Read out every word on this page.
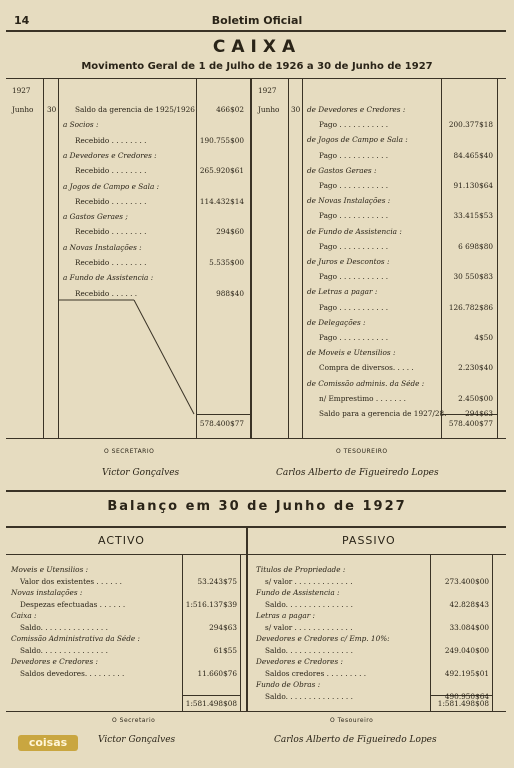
14	Boletim Oficial
CAIXA
Movimento Geral de 1 de Julho de 1926 a 30 de Junho de 1927
1927
Junho 30
1927
Junho 30
Saldo da gerencia de 1925/1926	466$02
a Socios :
Recebido . . . . . . . .	190.755$00
a Devedores e Credores :
Recebido . . . . . . . .	265.920$61
a Jogos de Campo e Sala :
Recebido . . . . . . . .	114.432$14
a Gastos Geraes ;
Recebido . . . . . . . .	294$60
a Novas Instalações :
Recebido . . . . . . . .	5.535$00
a Fundo de Assistencia :
Recebido . . . . . .	988$40
de Devedores e Credores :
Pago . . . . . . . . . . .	200.377$18
de Jogos de Campo e Sala :
Pago . . . . . . . . . . .	84.465$40
de Gastos Geraes :
Pago . . . . . . . . . . .	91.130$64
de Novas Instalações :
Pago . . . . . . . . . . .	33.415$53
de Fundo de Assistencia :
Pago . . . . . . . . . . .	6 698$80
de Juros e Descontos :
Pago . . . . . . . . . . .	30 550$83
de Letras a pagar :
Pago . . . . . . . . . . .	126.782$86
de Delegações :
Pago . . . . . . . . . . .	4$50
de Moveis e Utensilios :
Compra de diversos. . . . .	2.230$40
de Comissão adminis. da Séde :
n/ Emprestimo . . . . . . .	2.450$00
Saldo para a gerencia de 1927/28.	294$63
578.400$77	578.400$77
O SECRETARIO
Victor Gonçalves
O TESOUREIRO
Carlos Alberto de Figueiredo Lopes
Balanço em 30 de Junho de 1927
ACTIVO	PASSIVO
Moveis e Utensilios :
Valor dos existentes . . . . . .	53.243$75
Novas instalações :
Despezas efectuadas . . . . . .	1:516.137$39
Caixa :
Saldo. . . . . . . . . . . . . . .	294$63
Comissão Administrativa da Séde :
Saldo. . . . . . . . . . . . . . .	61$55
Devedores e Credores :
Saldos devedores. . . . . . . . .	11.660$76
Titulos de Propriedade :
s/ valor . . . . . . . . . . . . .	273.400$00
Fundo de Assistencia :
Saldo. . . . . . . . . . . . . . .	42.828$43
Letras a pagar :
s/ valor . . . . . . . . . . . . .	33.084$00
Devedores e Credores c/ Emp. 10%:
Saldo. . . . . . . . . . . . . . .	249.040$00
Devedores e Credores :
Saldos credores . . . . . . . . .	492.195$01
Fundo de Obras :
Saldo. . . . . . . . . . . . . . .	490.950$64
1:581.498$08	1:581.498$08
O Secretario
Victor Gonçalves
O Tesoureiro
Carlos Alberto de Figueiredo Lopes
coisas
